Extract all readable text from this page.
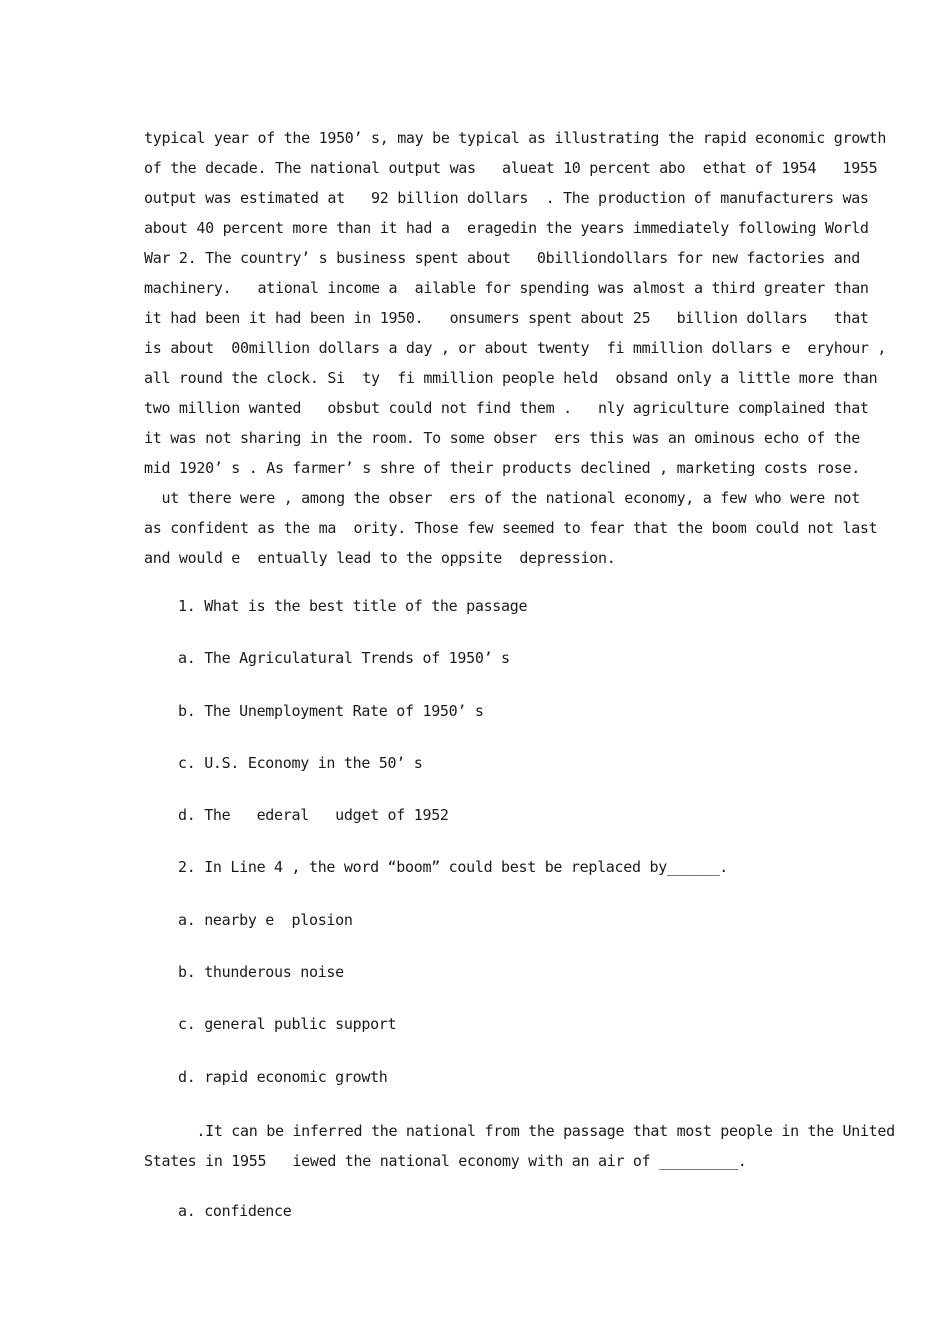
typical year of the 1950’ s, may be typical as illustrating the rapid economic growth
of the decade. The national output was   alueat 10 percent abo  ethat of 1954   1955
output was estimated at   92 billion dollars  . The production of manufacturers was
about 40 percent more than it had a  eragedin the years immediately following World
War 2. The country’ s business spent about   0billiondollars for new factories and
machinery.   ational income a  ailable for spending was almost a third greater than
it had been it had been in 1950.   onsumers spent about 25   billion dollars   that
is about  00million dollars a day , or about twenty  fi mmillion dollars e  eryhour ,
all round the clock. Si  ty  fi mmillion people held  obsand only a little more than
two million wanted   obsbut could not find them .   nly agriculture complained that
it was not sharing in the room. To some obser  ers this was an ominous echo of the
mid 1920’ s . As farmer’ s shre of their products declined , marketing costs rose.
ut there were , among the obser  ers of the national economy, a few who were not
as confident as the ma  ority. Those few seemed to fear that the boom could not last
and would e  entually lead to the oppsite  depression.
1. What is the best title of the passage
a. The Agriculatural Trends of 1950’ s
b. The Unemployment Rate of 1950’ s
c. U.S. Economy in the 50’ s
d. The   ederal   udget of 1952
2. In Line 4 , the word “boom” could best be replaced by______.
a. nearby e  plosion
b. thunderous noise
c. general public support
d. rapid economic growth
.It can be inferred the national from the passage that most people in the United
States in 1955   iewed the national economy with an air of _________.
a. confidence
